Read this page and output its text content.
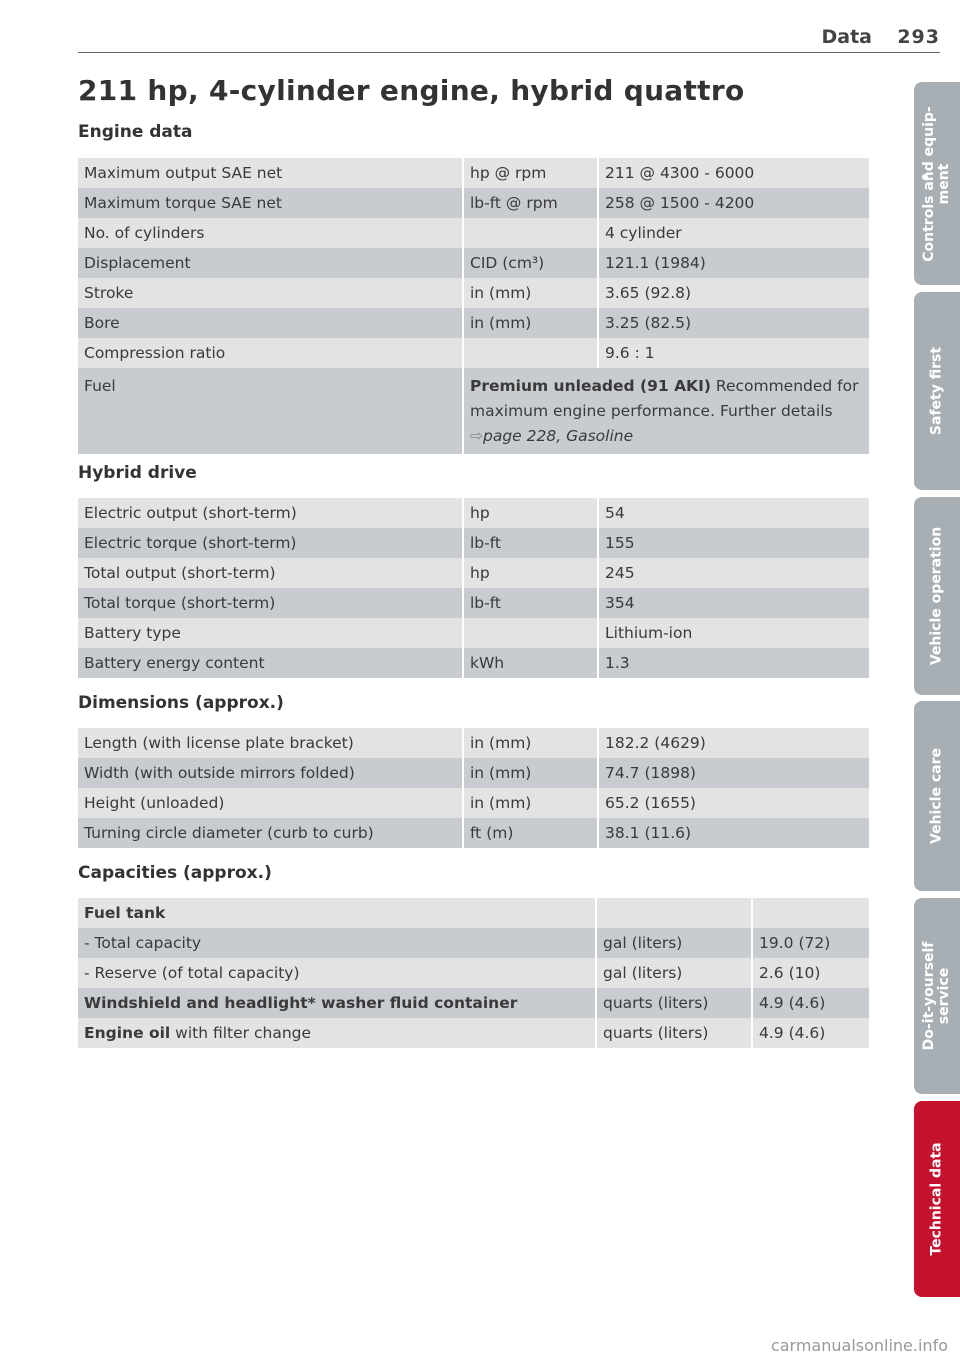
Data 293
211 hp, 4-cylinder engine, hybrid quattro
Engine data
Maximum output SAE net	hp @ rpm	211 @ 4300 - 6000
Maximum torque SAE net	lb-ft @ rpm	258 @ 1500 - 4200
No. of cylinders		4 cylinder
Displacement	CID (cm³)	121.1 (1984)
Stroke	in (mm)	3.65 (92.8)
Bore	in (mm)	3.25 (82.5)
Compression ratio		9.6 : 1
Fuel	Premium unleaded (91 AKI) Recommended for maximum engine performance. Further details
⇨page 228, Gasoline	
Hybrid drive
Electric output (short-term)	hp	54
Electric torque (short-term)	lb-ft	155
Total output (short-term)	hp	245
Total torque (short-term)	lb-ft	354
Battery type		Lithium-ion
Battery energy content	kWh	1.3
Dimensions (approx.)
Length (with license plate bracket)	in (mm)	182.2 (4629)
Width (with outside mirrors folded)	in (mm)	74.7 (1898)
Height (unloaded)	in (mm)	65.2 (1655)
Turning circle diameter (curb to curb)	ft (m)	38.1 (11.6)
Capacities (approx.)
Fuel tank		
- Total capacity	gal (liters)	19.0 (72)
- Reserve (of total capacity)	gal (liters)	2.6 (10)
Windshield and headlight* washer fluid container	quarts (liters)	4.9 (4.6)
Engine oil with filter change	quarts (liters)	4.9 (4.6)
Controls and equip-
ment
Safety first
Vehicle operation
Vehicle care
Do-it-yourself
service
Technical data
carmanualsonline.info
